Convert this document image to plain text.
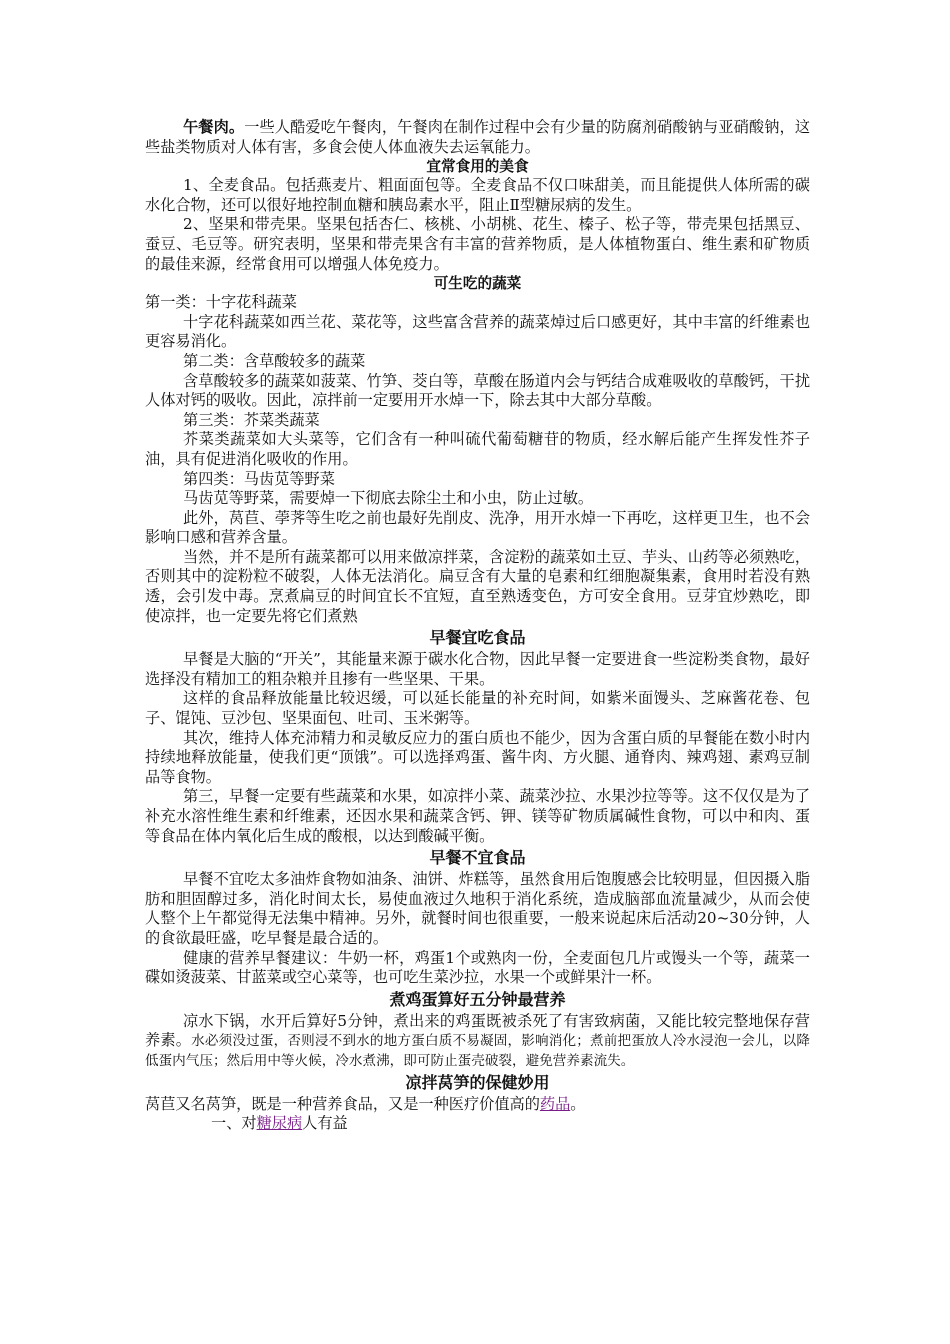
午餐肉。一些人酷爱吃午餐肉，午餐肉在制作过程中会有少量的防腐剂硝酸钠与亚硝酸钠，这些盐类物质对人体有害，多食会使人体血液失去运氧能力。

宜常食用的美食

1、全麦食品。包括燕麦片、粗面面包等。全麦食品不仅口味甜美，而且能提供人体所需的碳水化合物，还可以很好地控制血糖和胰岛素水平，阻止Ⅱ型糖尿病的发生。

2、坚果和带壳果。坚果包括杏仁、核桃、小胡桃、花生、榛子、松子等，带壳果包括黑豆、蚕豆、毛豆等。研究表明，坚果和带壳果含有丰富的营养物质，是人体植物蛋白、维生素和矿物质的最佳来源，经常食用可以增强人体免疫力。

可生吃的蔬菜

第一类：十字花科蔬菜

十字花科蔬菜如西兰花、菜花等，这些富含营养的蔬菜焯过后口感更好，其中丰富的纤维素也更容易消化。

第二类：含草酸较多的蔬菜

含草酸较多的蔬菜如菠菜、竹笋、茭白等，草酸在肠道内会与钙结合成难吸收的草酸钙，干扰人体对钙的吸收。因此，凉拌前一定要用开水焯一下，除去其中大部分草酸。

第三类：芥菜类蔬菜

芥菜类蔬菜如大头菜等，它们含有一种叫硫代葡萄糖苷的物质，经水解后能产生挥发性芥子油，具有促进消化吸收的作用。

第四类：马齿苋等野菜

马齿苋等野菜，需要焯一下彻底去除尘土和小虫，防止过敏。

此外，莴苣、荸荠等生吃之前也最好先削皮、洗净，用开水焯一下再吃，这样更卫生，也不会影响口感和营养含量。

当然，并不是所有蔬菜都可以用来做凉拌菜，含淀粉的蔬菜如土豆、芋头、山药等必须熟吃，否则其中的淀粉粒不破裂，人体无法消化。扁豆含有大量的皂素和红细胞凝集素，食用时若没有熟透，会引发中毒。烹煮扁豆的时间宜长不宜短，直至熟透变色，方可安全食用。豆芽宜炒熟吃，即使凉拌，也一定要先将它们煮熟

早餐宜吃食品

早餐是大脑的“开关”，其能量来源于碳水化合物，因此早餐一定要进食一些淀粉类食物，最好选择没有精加工的粗杂粮并且掺有一些坚果、干果。

这样的食品释放能量比较迟缓，可以延长能量的补充时间，如紫米面馒头、芝麻酱花卷、包子、馄饨、豆沙包、坚果面包、吐司、玉米粥等。

其次，维持人体充沛精力和灵敏反应力的蛋白质也不能少，因为含蛋白质的早餐能在数小时内持续地释放能量，使我们更“顶饿”。可以选择鸡蛋、酱牛肉、方火腿、通脊肉、辣鸡翅、素鸡豆制品等食物。

第三，早餐一定要有些蔬菜和水果，如凉拌小菜、蔬菜沙拉、水果沙拉等等。这不仅仅是为了补充水溶性维生素和纤维素，还因水果和蔬菜含钙、钾、镁等矿物质属碱性食物，可以中和肉、蛋等食品在体内氧化后生成的酸根，以达到酸碱平衡。

早餐不宜食品

早餐不宜吃太多油炸食物如油条、油饼、炸糕等，虽然食用后饱腹感会比较明显，但因摄入脂肪和胆固醇过多，消化时间太长，易使血液过久地积于消化系统，造成脑部血流量减少，从而会使人整个上午都觉得无法集中精神。另外，就餐时间也很重要，一般来说起床后活动20~30分钟，人的食欲最旺盛，吃早餐是最合适的。

健康的营养早餐建议：牛奶一杯，鸡蛋1个或熟肉一份，全麦面包几片或馒头一个等，蔬菜一碟如烫菠菜、甘蓝菜或空心菜等，也可吃生菜沙拉，水果一个或鲜果汁一杯。

煮鸡蛋算好五分钟最营养

凉水下锅，水开后算好5分钟，煮出来的鸡蛋既被杀死了有害致病菌，又能比较完整地保存营养素。水必须没过蛋，否则浸不到水的地方蛋白质不易凝固，影响消化；煮前把蛋放人冷水浸泡一会儿，以降低蛋内气压；然后用中等火候，冷水煮沸，即可防止蛋壳破裂，避免营养素流失。

凉拌莴笋的保健妙用

莴苣又名莴笋，既是一种营养食品，又是一种医疗价值高的药品。

一、对糖尿病人有益
